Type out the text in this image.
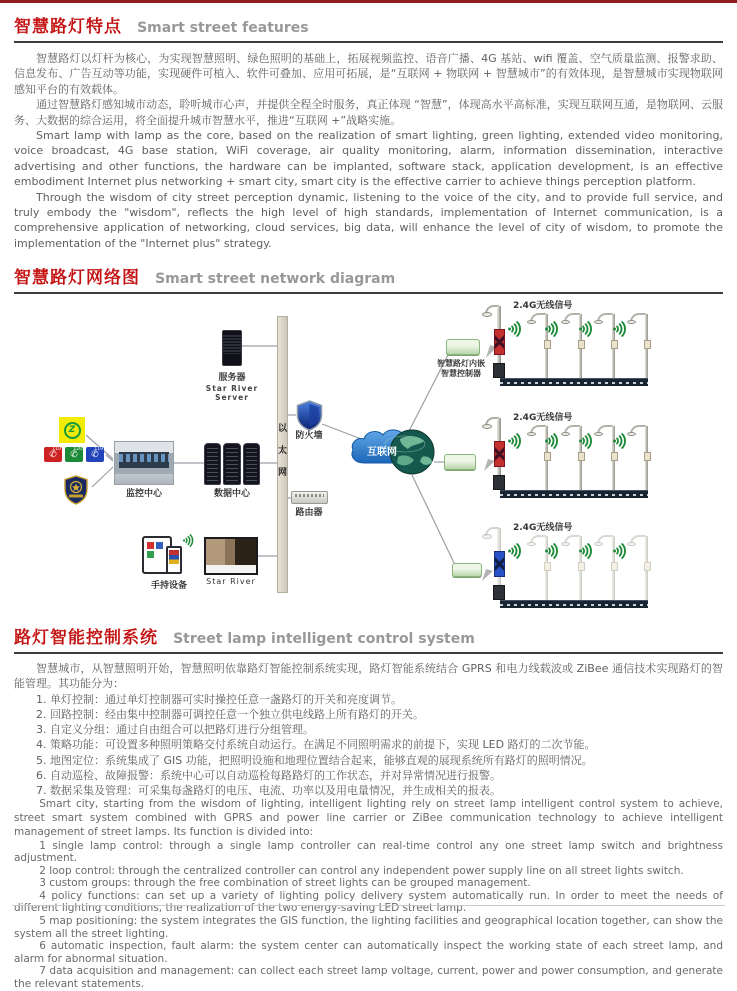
智慧路灯特点 Smart street features

智慧路灯以灯杆为核心，为实现智慧照明、绿色照明的基础上，拓展视频监控、语音广播、4G 基站、wifi 覆盖、空气质量监测、报警求助、信息发布、广告互动等功能，实现硬件可植入、软件可叠加、应用可拓展，是“互联网 + 物联网 + 智慧城市”的有效体现，是智慧城市实现物联网感知平台的有效载体。

通过智慧路灯感知城市动态，聆听城市心声，并提供全程全时服务，真正体现 “智慧”，体现高水平高标准，实现互联网互通，是物联网、云服务、大数据的综合运用，将全面提升城市智慧水平，推进“互联网 +”战略实施。

Smart lamp with lamp as the core, based on the realization of smart lighting, green lighting, extended video monitoring, voice broadcast, 4G base station, WiFi coverage, air quality monitoring, alarm, information dissemination, interactive advertising and other functions, the hardware can be implanted, software stack, application development, is an effective embodiment Internet plus networking + smart city, smart city is the effective carrier to achieve things perception platform.

Through the wisdom of city street perception dynamic, listening to the voice of the city, and to provide full service, and truly embody the "wisdom", reflects the high level of high standards, implementation of Internet communication, is a comprehensive application of networking, cloud services, big data, will enhance the level of city of wisdom, to promote the implementation of the "Internet plus" strategy.

智慧路灯网络图 Smart street network diagram
服务器
Star River
Server
以
太
网
防火墙
互联网
路由器
监控中心	数据中心
Z
✆
110	✆
120	✆
119
手持设备	Star River
智慧路灯内嵌
智慧控制器
2.4G无线信号
2.4G无线信号
2.4G无线信号
路灯智能控制系统 Street lamp intelligent control system

智慧城市，从智慧照明开始，智慧照明依靠路灯智能控制系统实现，路灯智能系统结合 GPRS 和电力线载波或 ZiBee 通信技术实现路灯的智能管理。其功能分为：

1. 单灯控制：通过单灯控制器可实时操控任意一盏路灯的开关和亮度调节。

2. 回路控制：经由集中控制器可调控任意一个独立供电线路上所有路灯的开关。

3. 自定义分组：通过自由组合可以把路灯进行分组管理。

4. 策略功能：可设置多种照明策略交付系统自动运行。在满足不同照明需求的前提下，实现 LED 路灯的二次节能。

5. 地图定位：系统集成了 GIS 功能，把照明设施和地理位置结合起来，能够直观的展现系统所有路灯的照明情况。

6. 自动巡检、故障报警：系统中心可以自动巡检每路路灯的工作状态，并对异常情况进行报警。

7. 数据采集及管理：可采集每盏路灯的电压、电流、功率以及用电量情况，并生成相关的报表。

Smart city, starting from the wisdom of lighting, intelligent lighting rely on street lamp intelligent control system to achieve, street smart system combined with GPRS and power line carrier or ZiBee communication technology to achieve intelligent management of street lamps. Its function is divided into:

1 single lamp control: through a single lamp controller can real-time control any one street lamp switch and brightness adjustment.

2 loop control: through the centralized controller can control any independent power supply line on all street lights switch.

3 custom groups: through the free combination of street lights can be grouped management.

4 policy functions: can set up a variety of lighting policy delivery system automatically run. In order to meet the needs of different lighting conditions, the realization of the two energy-saving LED street lamp.

5 map positioning: the system integrates the GIS function, the lighting facilities and geographical location together, can show the system all the street lighting.

6 automatic inspection, fault alarm: the system center can automatically inspect the working state of each street lamp, and alarm for abnormal situation.

7 data acquisition and management: can collect each street lamp voltage, current, power and power consumption, and generate the relevant statements.
